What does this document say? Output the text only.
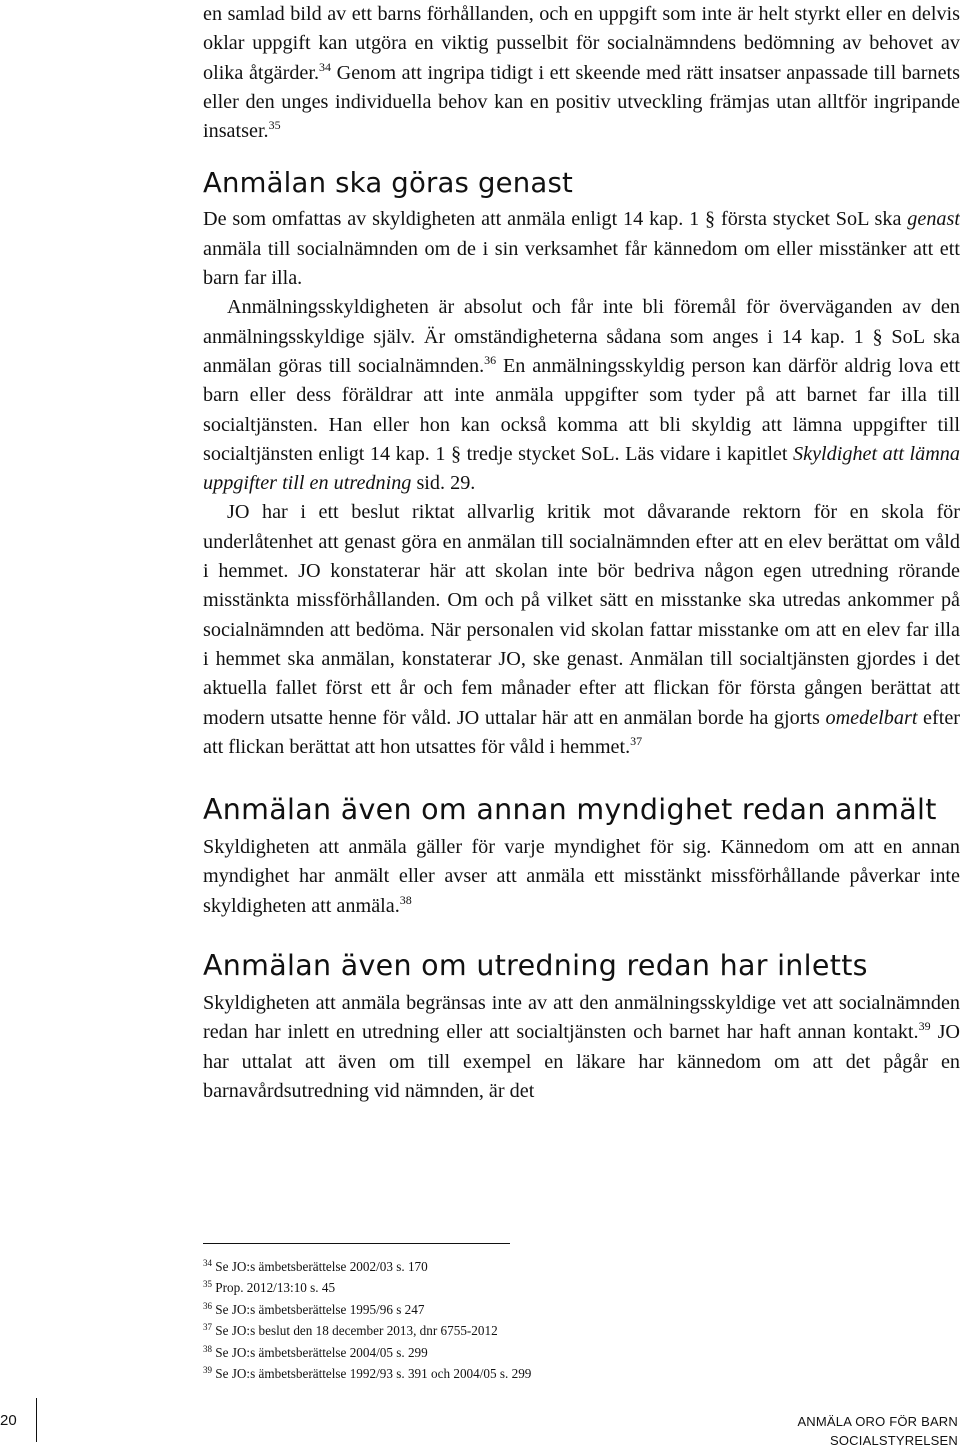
en samlad bild av ett barns förhållanden, och en uppgift som inte är helt styrkt eller en delvis oklar uppgift kan utgöra en viktig pusselbit för socialnämndens bedömning av behovet av olika åtgärder.$^{34}$ Genom att ingripa tidigt i ett skeende med rätt insatser anpassade till barnets eller den unges individuella behov kan en positiv utveckling främjas utan alltför ingripande insatser.$^{35}$

Anmälan ska göras genast

De som omfattas av skyldigheten att anmäla enligt 14 kap. 1 § första stycket SoL ska genast anmäla till socialnämnden om de i sin verksamhet får kännedom om eller misstänker att ett barn far illa.

Anmälningsskyldigheten är absolut och får inte bli föremål för överväganden av den anmälningsskyldige själv. Är omständigheterna sådana som anges i 14 kap. 1 § SoL ska anmälan göras till socialnämnden.$^{36}$ En anmälningsskyldig person kan därför aldrig lova ett barn eller dess föräldrar att inte anmäla uppgifter som tyder på att barnet far illa till socialtjänsten. Han eller hon kan också komma att bli skyldig att lämna uppgifter till socialtjänsten enligt 14 kap. 1 § tredje stycket SoL. Läs vidare i kapitlet Skyldighet att lämna uppgifter till en utredning sid. 29.

JO har i ett beslut riktat allvarlig kritik mot dåvarande rektorn för en skola för underlåtenhet att genast göra en anmälan till socialnämnden efter att en elev berättat om våld i hemmet. JO konstaterar här att skolan inte bör bedriva någon egen utredning rörande misstänkta missförhållanden. Om och på vilket sätt en misstanke ska utredas ankommer på socialnämnden att bedöma. När personalen vid skolan fattar misstanke om att en elev far illa i hemmet ska anmälan, konstaterar JO, ske genast. Anmälan till socialtjänsten gjordes i det aktuella fallet först ett år och fem månader efter att flickan för första gången berättat att modern utsatte henne för våld. JO uttalar här att en anmälan borde ha gjorts omedelbart efter att flickan berättat att hon utsattes för våld i hemmet.$^{37}$

Anmälan även om annan myndighet redan anmält

Skyldigheten att anmäla gäller för varje myndighet för sig. Kännedom om att en annan myndighet har anmält eller avser att anmäla ett misstänkt missförhållande påverkar inte skyldigheten att anmäla.$^{38}$

Anmälan även om utredning redan har inletts

Skyldigheten att anmäla begränsas inte av att den anmälningsskyldige vet att socialnämnden redan har inlett en utredning eller att socialtjänsten och barnet har haft annan kontakt.$^{39}$ JO har uttalat att även om till exempel en läkare har kännedom om att det pågår en barnavårdsutredning vid nämnden, är det

$^{34}$ Se JO:s ämbetsberättelse 2002/03 s. 170
$^{35}$ Prop. 2012/13:10 s. 45
$^{36}$ Se JO:s ämbetsberättelse 1995/96 s 247
$^{37}$ Se JO:s beslut den 18 december 2013, dnr 6755-2012
$^{38}$ Se JO:s ämbetsberättelse 2004/05 s. 299
$^{39}$ Se JO:s ämbetsberättelse 1992/93 s. 391 och 2004/05 s. 299
20	ANMÄLA ORO FÖR BARN
SOCIALSTYRELSEN
